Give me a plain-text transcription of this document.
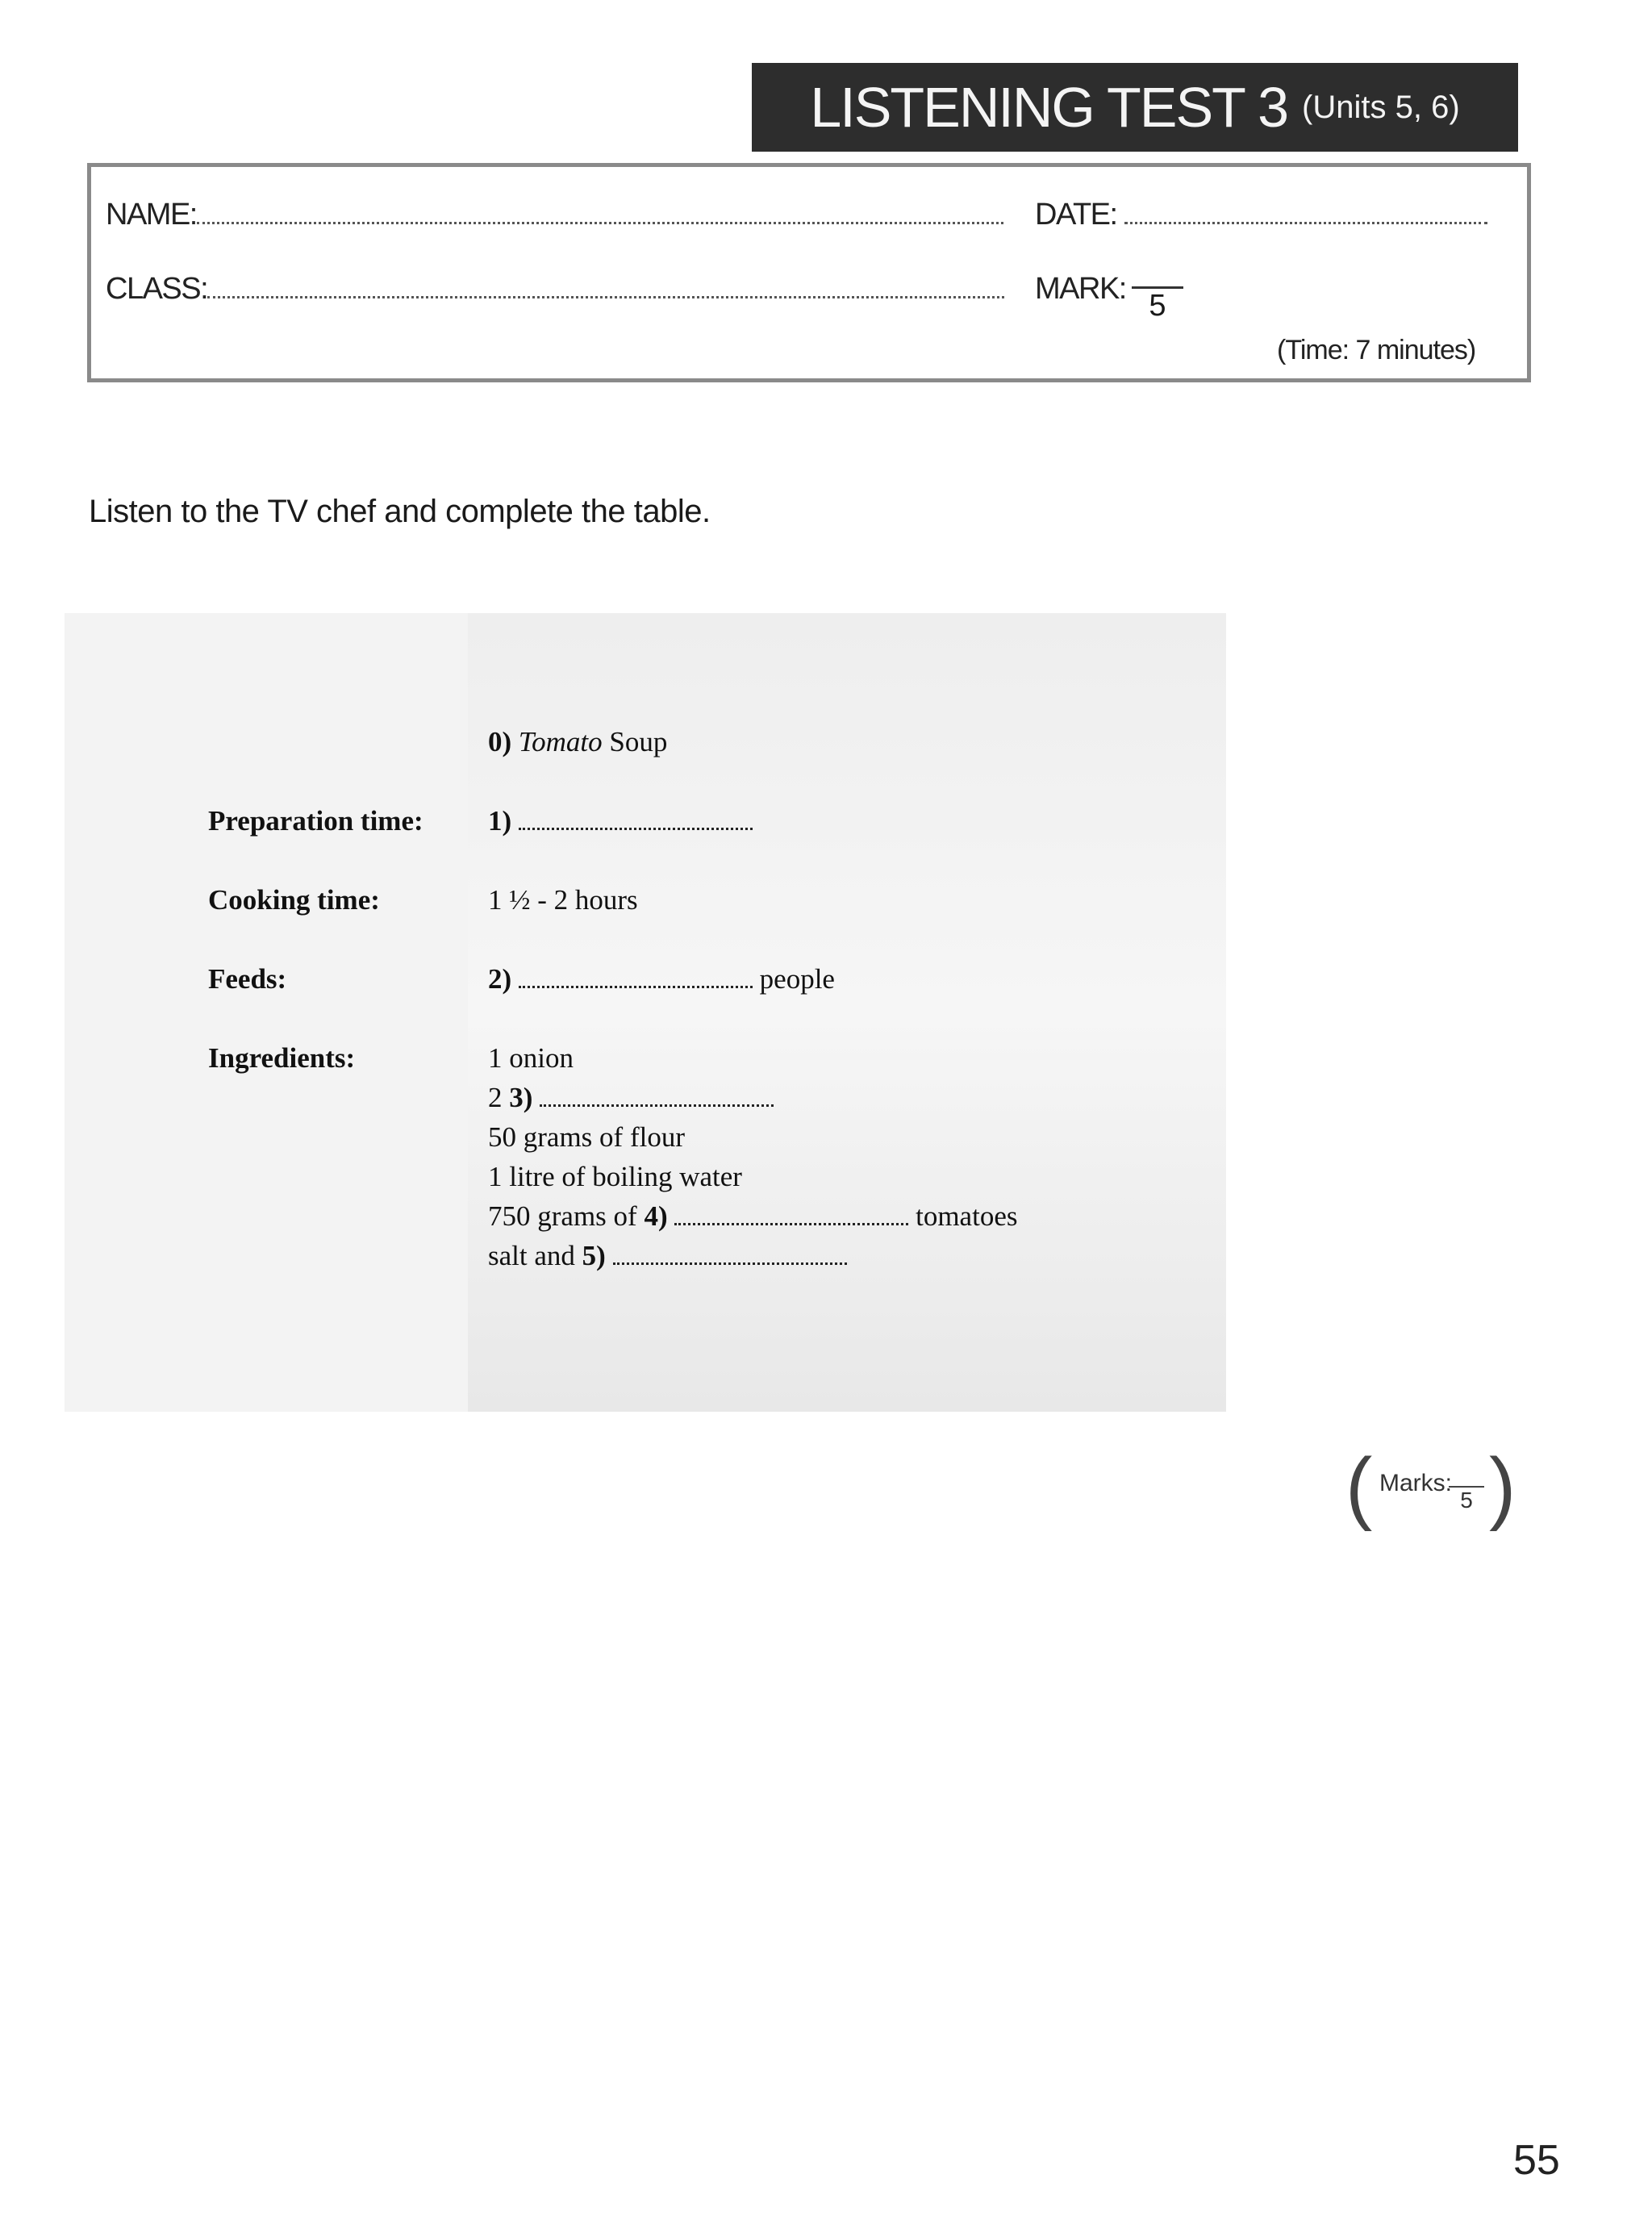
LISTENING TEST 3 (Units 5, 6)
NAME:
CLASS:
DATE:
MARK: 5
(Time: 7 minutes)
Listen to the TV chef and complete the table.
0) Tomato Soup
Preparation time: 1)
Cooking time:	1 ½ - 2 hours
Feeds:	2)	people
Ingredients:	1 onion
2 3)
50 grams of flour
1 litre of boiling water
750 grams of 4)	tomatoes
salt and 5)
( Marks:
5 )
55
